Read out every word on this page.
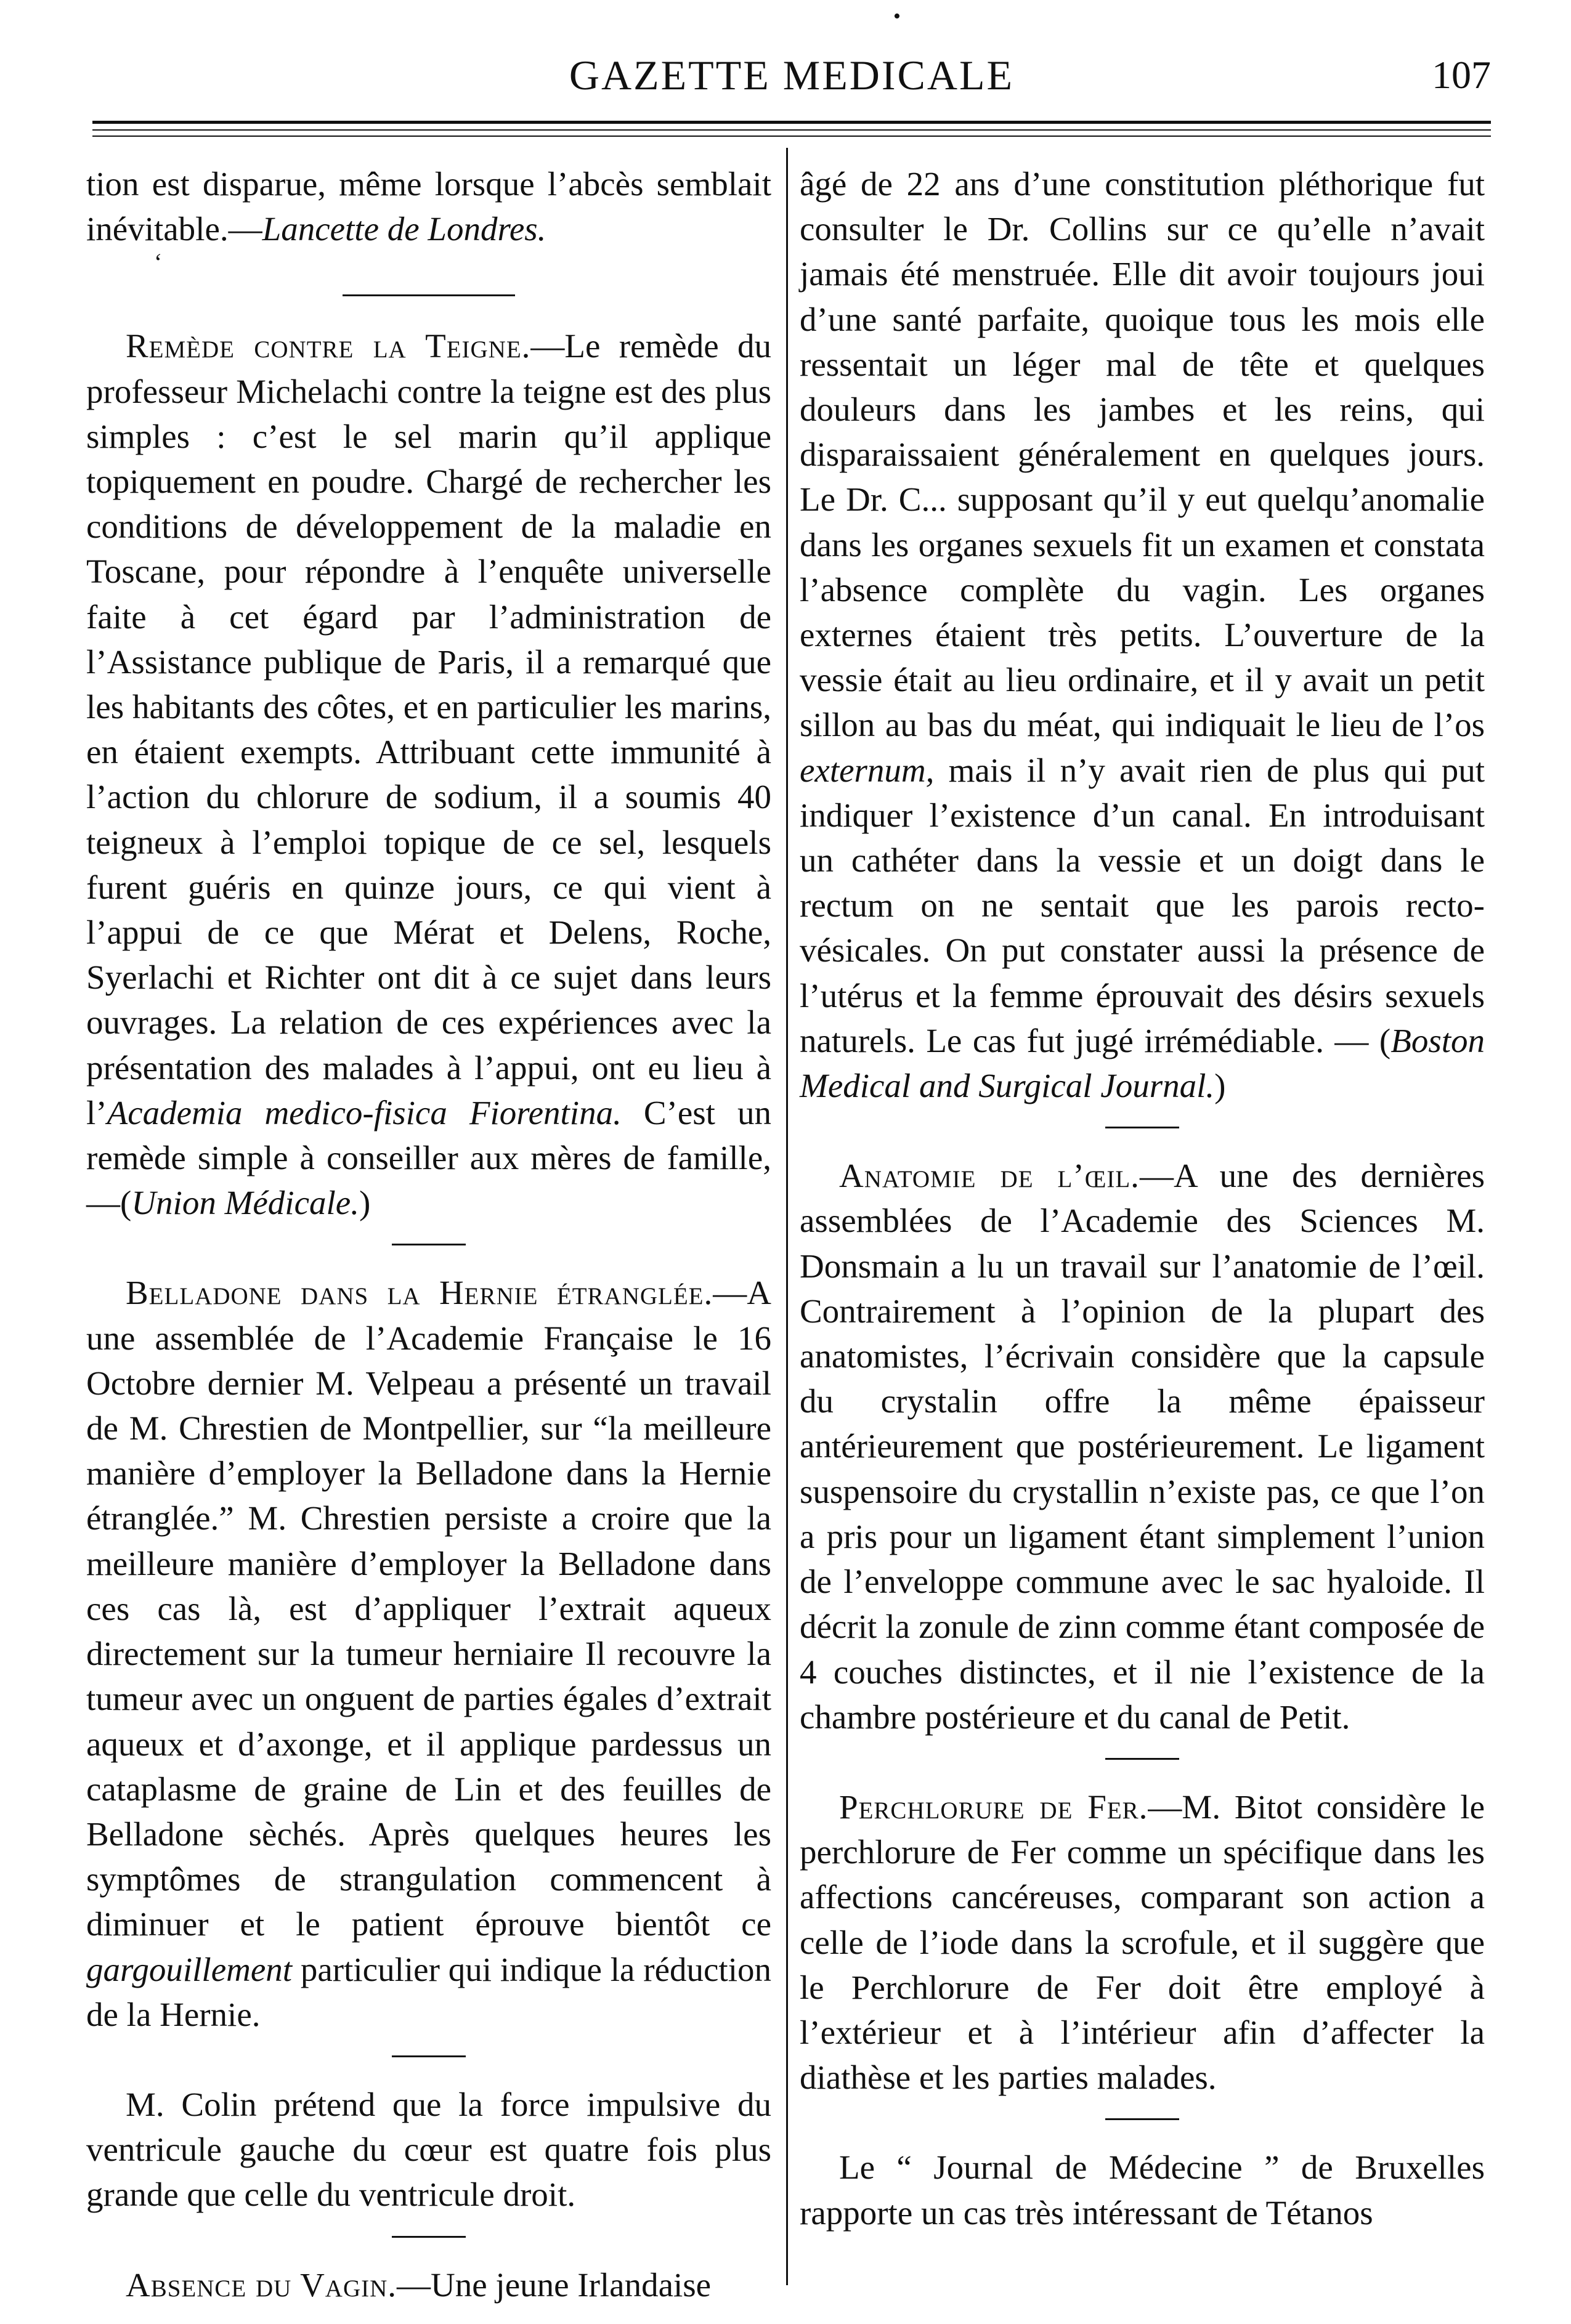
•
GAZETTE MEDICALE	107

tion est disparue, même lorsque l’abcès semblait inévitable.—Lancette de Londres.

‘

Remède contre la Teigne.—Le remède du professeur Michelachi contre la teigne est des plus simples : c’est le sel marin qu’il applique topiquement en poudre. Chargé de rechercher les conditions de développement de la maladie en Toscane, pour répondre à l’enquête universelle faite à cet égard par l’administration de l’Assistance publique de Paris, il a remarqué que les habitants des côtes, et en particulier les marins, en étaient exempts. Attribuant cette immunité à l’action du chlorure de sodium, il a soumis 40 teigneux à l’emploi topique de ce sel, lesquels furent guéris en quinze jours, ce qui vient à l’appui de ce que Mérat et Delens, Roche, Syerlachi et Richter ont dit à ce sujet dans leurs ouvrages. La relation de ces expériences avec la présentation des malades à l’appui, ont eu lieu à l’Academia medico-fisica Fiorentina. C’est un remède simple à conseiller aux mères de famille,—(Union Médicale.)

Belladone dans la Hernie étranglée.—A une assemblée de l’Academie Française le 16 Octobre dernier M. Velpeau a présenté un travail de M. Chrestien de Montpellier, sur “la meilleure manière d’employer la Belladone dans la Hernie étranglée.” M. Chrestien persiste a croire que la meilleure manière d’employer la Belladone dans ces cas là, est d’appliquer l’extrait aqueux directement sur la tumeur herniaire Il recouvre la tumeur avec un onguent de parties égales d’extrait aqueux et d’axonge, et il applique pardessus un cataplasme de graine de Lin et des feuilles de Belladone sèchés. Après quelques heures les symptômes de strangulation commencent à diminuer et le patient éprouve bientôt ce gargouillement particulier qui indique la réduction de la Hernie.

M. Colin prétend que la force impulsive du ventricule gauche du cœur est quatre fois plus grande que celle du ventricule droit.

Absence du Vagin.—Une jeune Irlandaise

âgé de 22 ans d’une constitution pléthorique fut consulter le Dr. Collins sur ce qu’elle n’avait jamais été menstruée. Elle dit avoir toujours joui d’une santé parfaite, quoique tous les mois elle ressentait un léger mal de tête et quelques douleurs dans les jambes et les reins, qui disparaissaient généralement en quelques jours. Le Dr. C... supposant qu’il y eut quelqu’anomalie dans les organes sexuels fit un examen et constata l’absence complète du vagin. Les organes externes étaient très petits. L’ouverture de la vessie était au lieu ordinaire, et il y avait un petit sillon au bas du méat, qui indiquait le lieu de l’os externum, mais il n’y avait rien de plus qui put indiquer l’existence d’un canal. En introduisant un cathéter dans la vessie et un doigt dans le rectum on ne sentait que les parois recto-vésicales. On put constater aussi la présence de l’utérus et la femme éprouvait des désirs sexuels naturels. Le cas fut jugé irrémédiable. — (Boston Medical and Surgical Journal.)

Anatomie de l’œil.—A une des dernières assemblées de l’Academie des Sciences M. Donsmain a lu un travail sur l’anatomie de l’œil. Contrairement à l’opinion de la plupart des anatomistes, l’écrivain considère que la capsule du crystalin offre la même épaisseur antérieurement que postérieurement. Le ligament suspensoire du crystallin n’existe pas, ce que l’on a pris pour un ligament étant simplement l’union de l’enveloppe commune avec le sac hyaloide. Il décrit la zonule de zinn comme étant composée de 4 couches distinctes, et il nie l’existence de la chambre postérieure et du canal de Petit.

Perchlorure de Fer.—M. Bitot considère le perchlorure de Fer comme un spécifique dans les affections cancéreuses, comparant son action a celle de l’iode dans la scrofule, et il suggère que le Perchlorure de Fer doit être employé à l’extérieur et à l’intérieur afin d’affecter la diathèse et les parties malades.

Le “ Journal de Médecine ” de Bruxelles rapporte un cas très intéressant de Tétanos
